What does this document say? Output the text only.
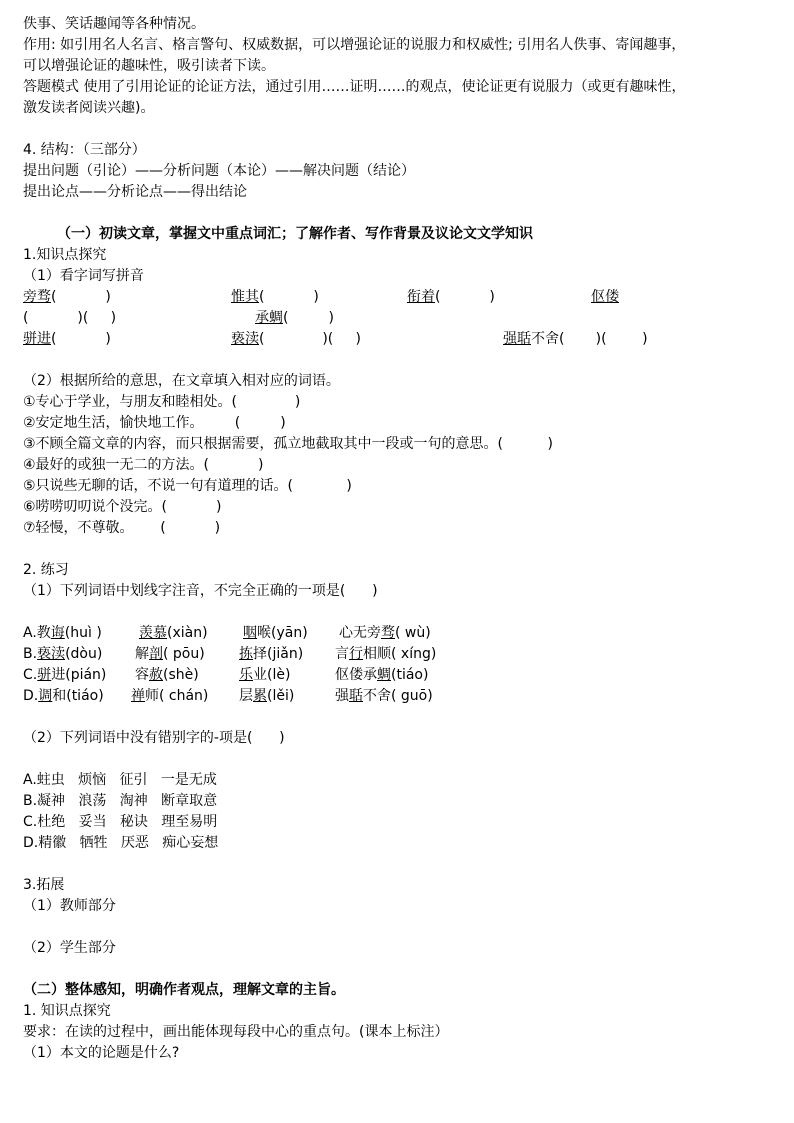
佚事、笑话趣闻等各种情况。
作用: 如引用名人名言、格言警句、权威数据，可以增强论证的说服力和权威性; 引用名人佚事、寄闻趣事，
可以增强论证的趣味性，吸引读者下读。
答题模式 使用了引用论证的论证方法，通过引用……证明……的观点，使论证更有说服力（或更有趣味性，
激发读者阅读兴趣)。
4. 结构：（三部分）
提出问题（引论）——分析问题（本论）——解决问题（结论）
提出论点——分析论点——得出结论
（一）初读文章，掌握文中重点词汇；了解作者、写作背景及议论文文学知识
1.知识点探究
（1）看字词写拼音
旁骛(           )	惟其(           )	衔着(           )	伛偻
(           )(     )	承蜩(         )
骈进(           )	亵渎(             )(     )	强聒不舍(       )(        )
（2）根据所给的意思，在文章填入相对应的词语。
①专心于学业，与朋友和睦相处。(             )
②安定地生活，愉快地工作。       (         )
③不顾全篇文章的内容，而只根据需要，孤立地截取其中一段或一句的意思。(          )
④最好的或独一无二的方法。(           )
⑤只说些无聊的话，不说一句有道理的话。(            )
⑥唠唠叨叨说个没完。(           )
⑦轻慢，不尊敬。      (           )
2. 练习
（1）下列词语中划线字注音，不完全正确的一项是(      )
A.教诲(huì )	羡慕(xiàn)	咽喉(yān) 心无旁骛( wù)
B.亵渎(dòu) 解剖( pōu) 拣择(jiǎn) 言行相顺( xíng)
C.骈进(pián) 容赦(shè)	乐业(lè)	伛偻承蜩(tiáo)
D.调和(tiáo) 禅师( chán) 层累(lěi)	强聒不舍( guō)
（2）下列词语中没有错别字的-项是(      )
A.蛀虫   烦恼   征引   一是无成
B.凝神   浪荡   淘神   断章取意
C.杜绝   妥当   秘诀   理至易明
D.精徽   牺牲   厌恶   痴心妄想
3.拓展
（1）教师部分
（2）学生部分
（二）整体感知，明确作者观点，理解文章的主旨。
1. 知识点探究
要求：在读的过程中，画出能体现每段中心的重点句。(课本上标注）
（1）本文的论题是什么?
